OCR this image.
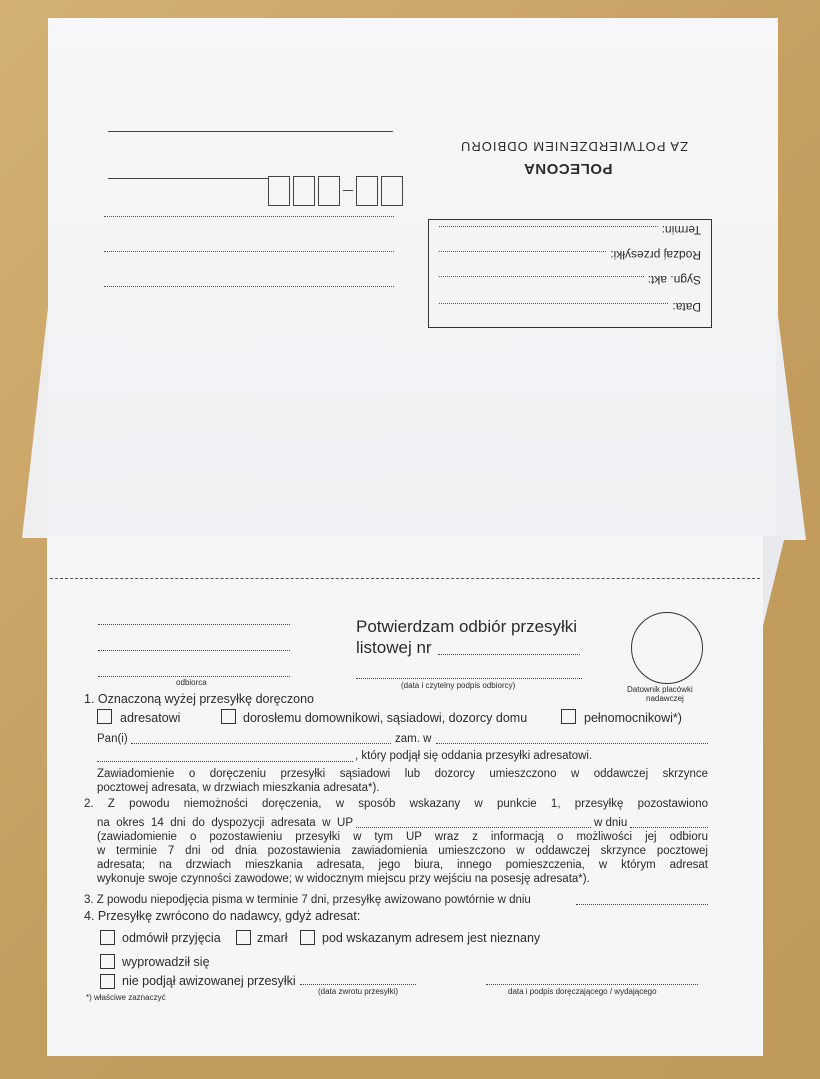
POLECONA
ZA POTWIERDZENIEM ODBIORU
Termin:
Rodzaj przesyłki:
Sygn. akt:
Data:
odbiorca
Potwierdzam odbiór przesyłki
listowej nr
(data i czytelny podpis odbiorcy)	Datownik placówki
nadawczej
1. Oznaczoną wyżej przesyłkę doręczono
adresatowi	dorosłemu domownikowi, sąsiadowi, dozorcy domu	pełnomocnikowi*)
Pan(i)	zam. w
, który podjął się oddania przesyłki adresatowi.
Zawiadomienie o doręczeniu przesyłki sąsiadowi lub dozorcy umieszczono w oddawczej skrzynce
pocztowej adresata, w drzwiach mieszkania adresata*).
2. Z powodu niemożności doręczenia, w sposób wskazany w punkcie 1, przesyłkę pozostawiono
na okres 14 dni do dyspozycji adresata w UP	w dniu
(zawiadomienie o pozostawieniu przesyłki w tym UP wraz z informacją o możliwości jej odbioru
w terminie 7 dni od dnia pozostawienia zawiadomienia umieszczono w oddawczej skrzynce pocztowej
adresata; na drzwiach mieszkania adresata, jego biura, innego pomieszczenia, w którym adresat
wykonuje swoje czynności zawodowe; w widocznym miejscu przy wejściu na posesję adresata*).
3. Z powodu niepodjęcia pisma w terminie 7 dni, przesyłkę awizowano powtórnie w dniu
4. Przesyłkę zwrócono do nadawcy, gdyż adresat:
odmówił przyjęcia	zmarł	pod wskazanym adresem jest nieznany
wyprowadził się
nie podjął awizowanej przesyłki
(data zwrotu przesyłki)	data i podpis doręczającego / wydającego
*) właściwe zaznaczyć
